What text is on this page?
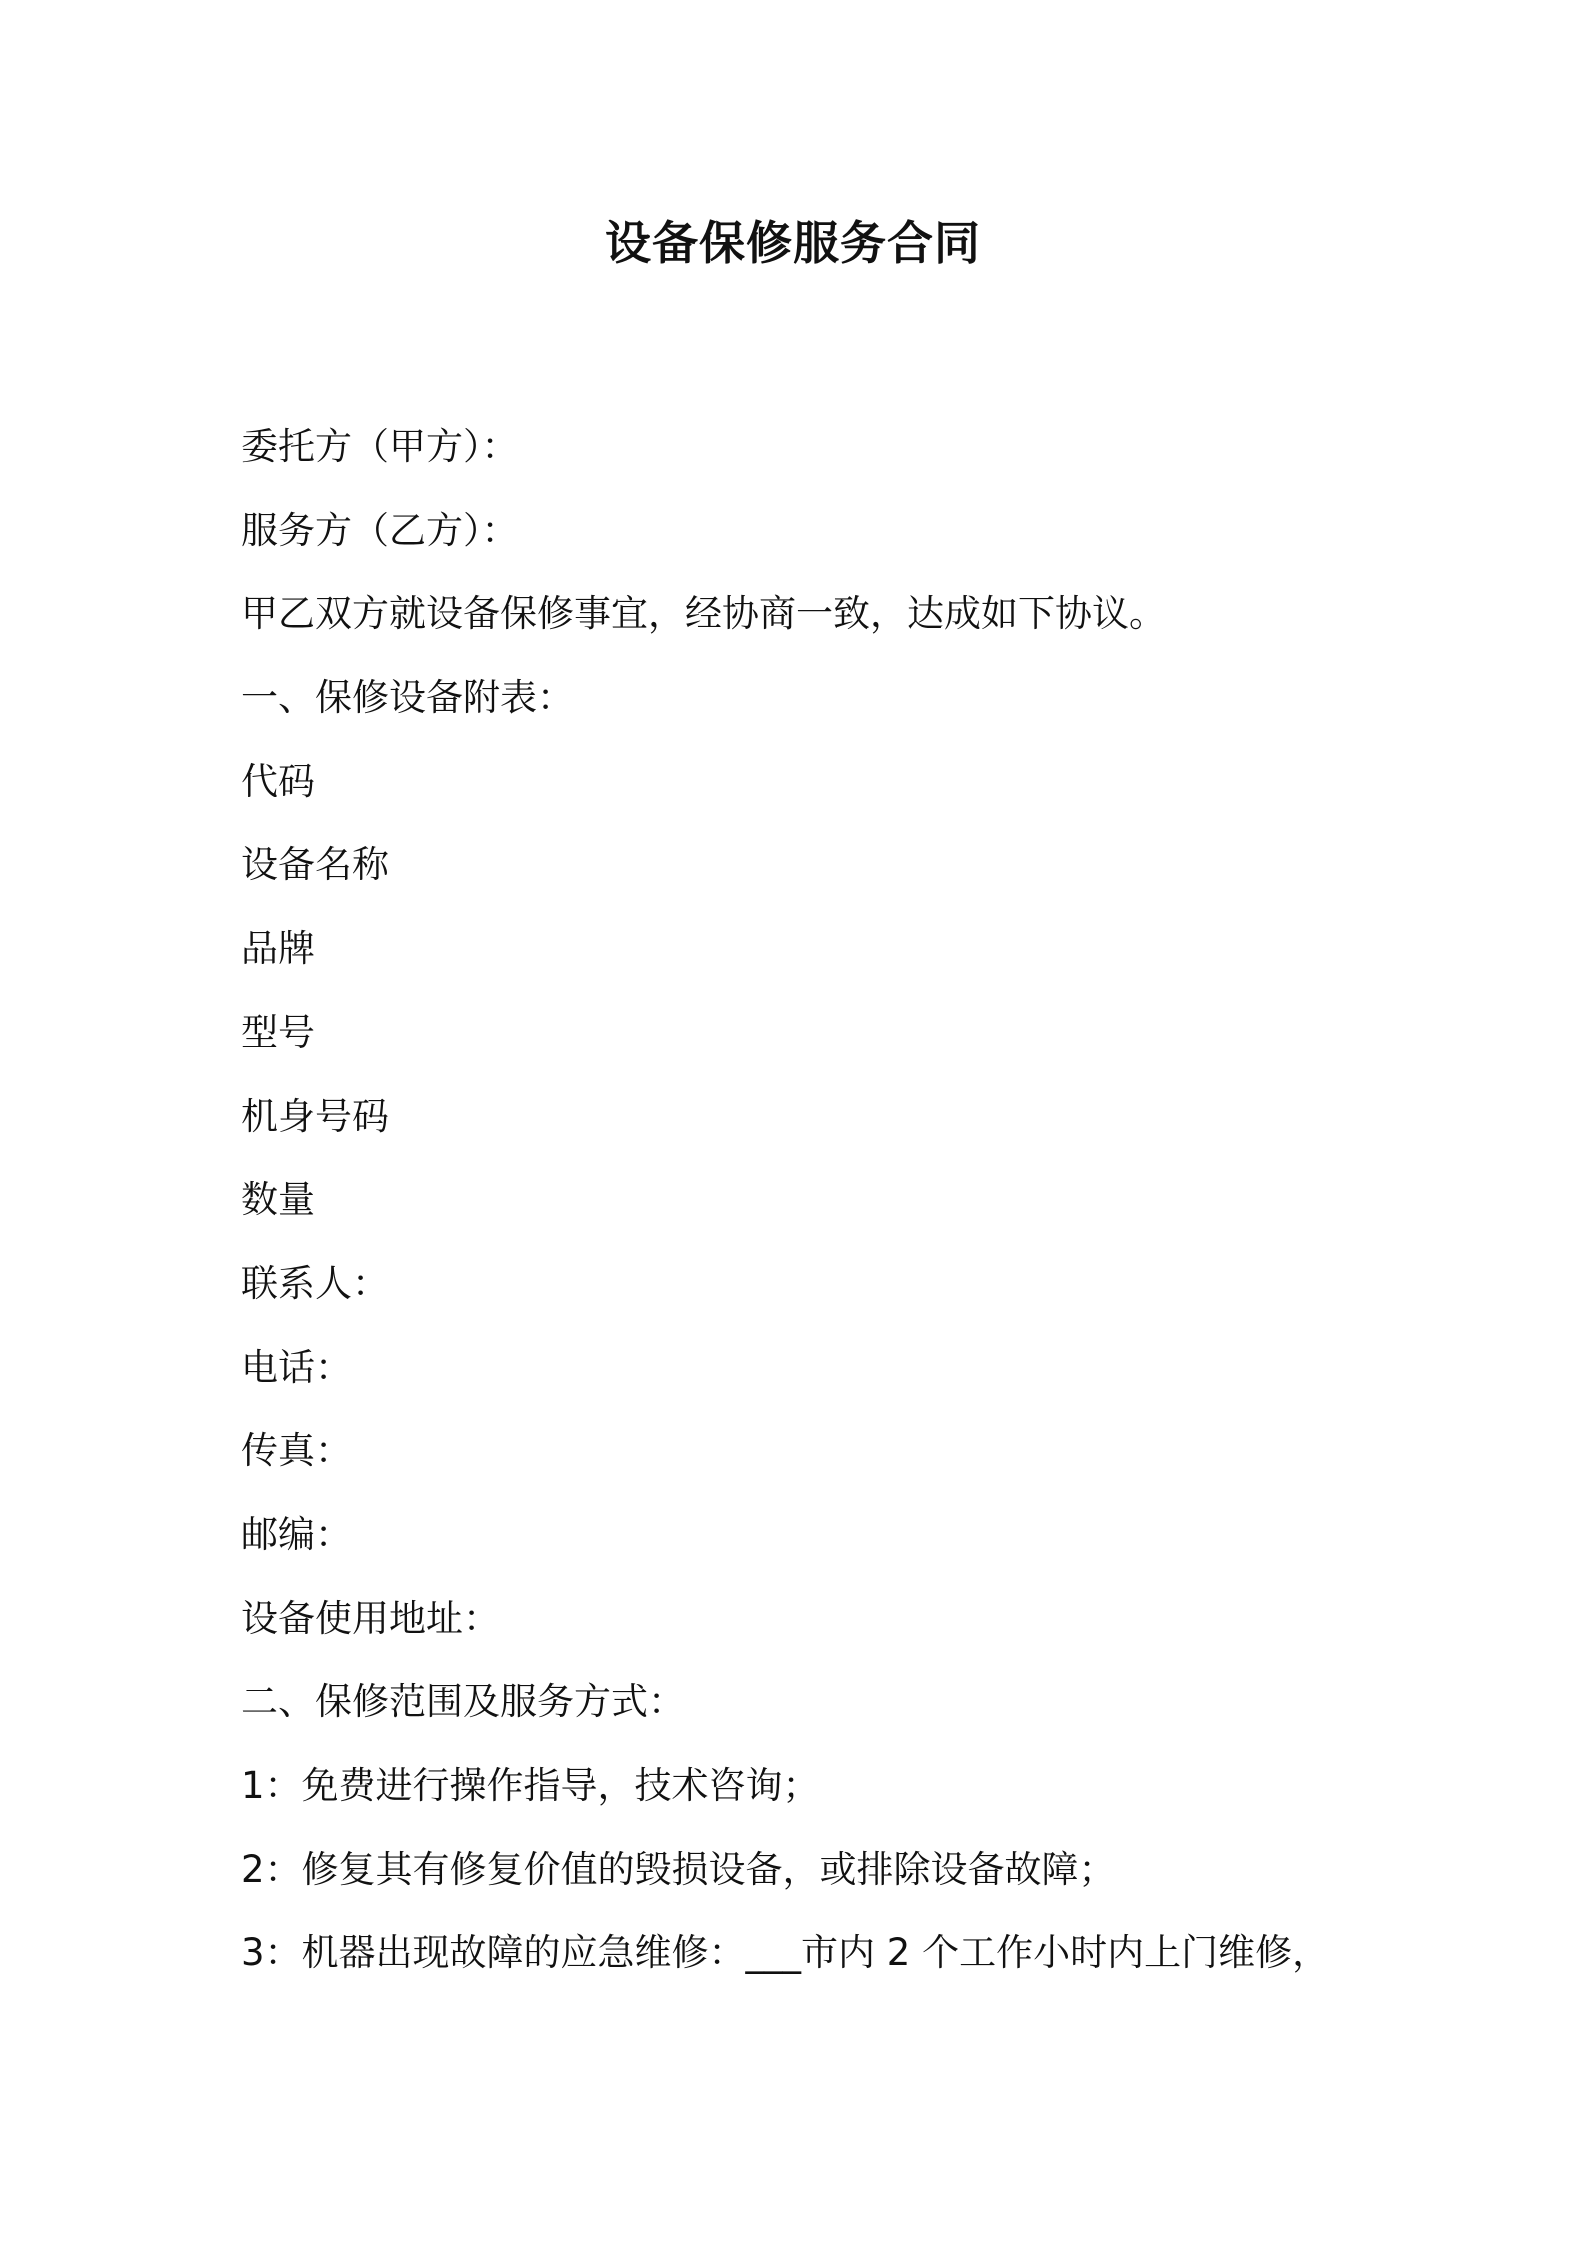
设备保修服务合同

委托方（甲方）：

服务方（乙方）：

甲乙双方就设备保修事宜，经协商一致，达成如下协议。

一、保修设备附表：

代码

设备名称

品牌

型号

机身号码

数量

联系人：

电话：

传真：

邮编：

设备使用地址：

二、保修范围及服务方式：

1：免费进行操作指导，技术咨询；

2：修复其有修复价值的毁损设备，或排除设备故障；

3：机器出现故障的应急维修：___市内 2 个工作小时内上门维修，
